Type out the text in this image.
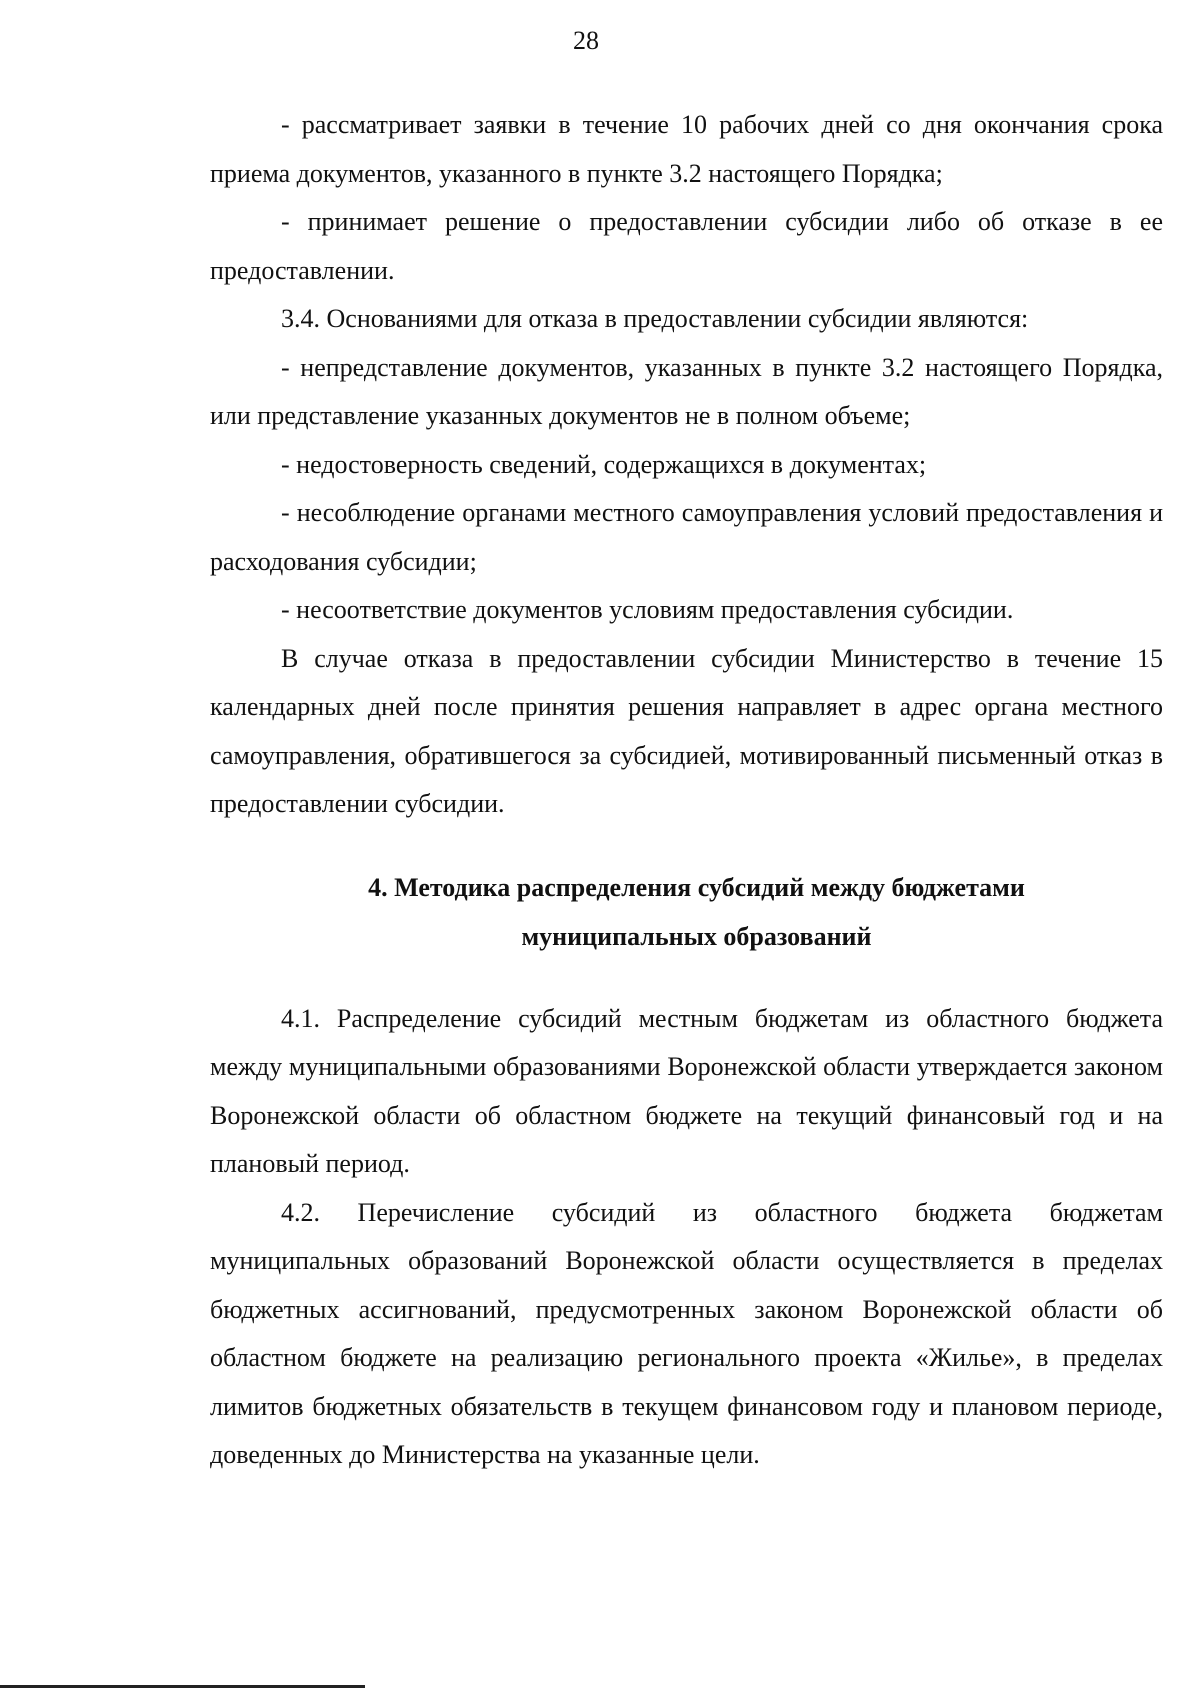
28

- рассматривает заявки в течение 10 рабочих дней со дня окончания срока приема документов, указанного в пункте 3.2 настоящего Порядка;

- принимает решение о предоставлении субсидии либо об отказе в ее предоставлении.

3.4. Основаниями для отказа в предоставлении субсидии являются:

- непредставление документов, указанных в пункте 3.2 настоящего Порядка, или представление указанных документов не в полном объеме;

- недостоверность сведений, содержащихся в документах;

- несоблюдение органами местного самоуправления условий предоставления и расходования субсидии;

- несоответствие документов условиям предоставления субсидии.

В случае отказа в предоставлении субсидии Министерство в течение 15 календарных дней после принятия решения направляет в адрес органа местного самоуправления, обратившегося за субсидией, мотивированный письменный отказ в предоставлении субсидии.

4. Методика распределения субсидий между бюджетами
муниципальных образований

4.1. Распределение субсидий местным бюджетам из областного бюджета между муниципальными образованиями Воронежской области утверждается законом Воронежской области об областном бюджете на текущий финансовый год и на плановый период.

4.2. Перечисление субсидий из областного бюджета бюджетам муниципальных образований Воронежской области осуществляется в пределах бюджетных ассигнований, предусмотренных законом Воронежской области об областном бюджете на реализацию регионального проекта «Жилье», в пределах лимитов бюджетных обязательств в текущем финансовом году и плановом периоде, доведенных до Министерства на указанные цели.
